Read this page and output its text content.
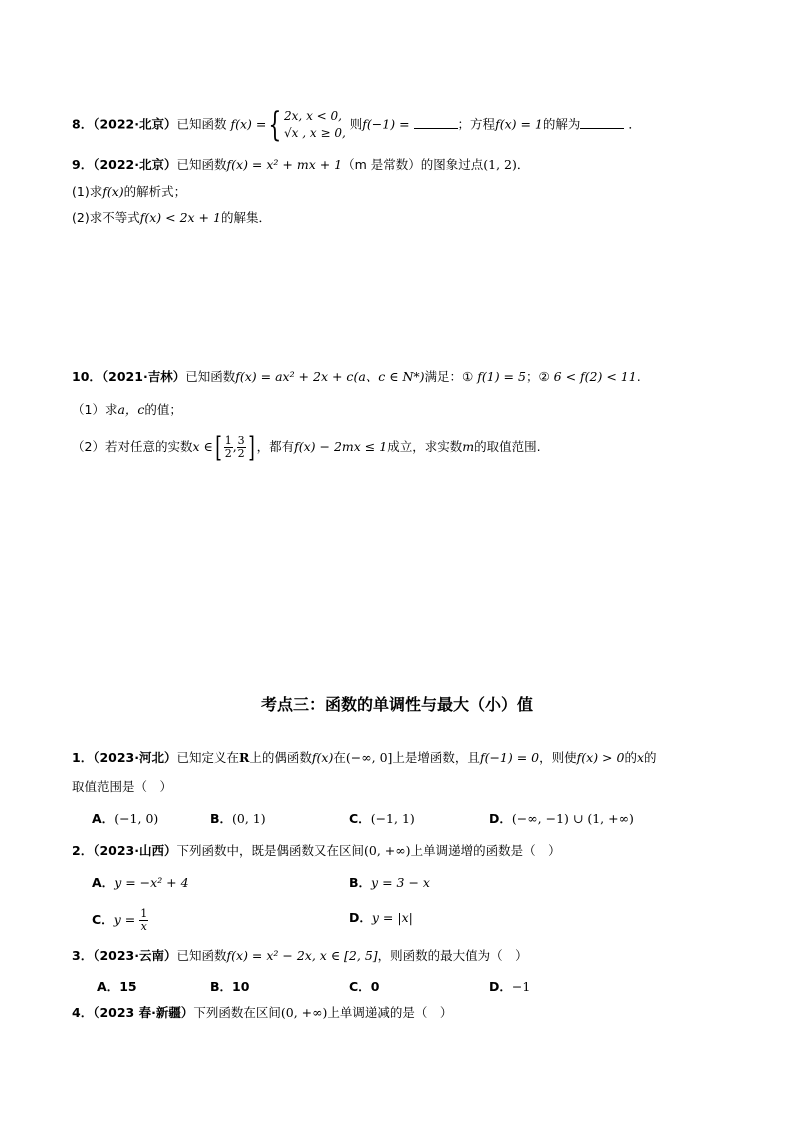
8．（2022·北京）已知函数 f(x) ={ 2x, x < 0,
√x , x ≥ 0,
则f(−1) =	；方程f(x) = 1的解为	．
9．（2022·北京）已知函数f(x) = x² + mx + 1（m 是常数）的图象过点(1, 2)．
(1)求f(x)的解析式；
(2)求不等式f(x) < 2x + 1的解集．
10．（2021·吉林）已知函数f(x) = ax² + 2x + c(a、c ∈ N*)满足：① f(1) = 5；② 6 < f(2) < 11.
（1）求a，c的值；
（2）若对任意的实数x ∈[ $\frac{1}{2}$ , $\frac{3}{2}$ ] ，都有f(x) − 2mx ≤ 1成立，求实数m的取值范围.
考点三：函数的单调性与最大（小）值
1．（2023·河北）已知定义在R上的偶函数f(x)在(−∞, 0]上是增函数，且f(−1) = 0，则使f(x) > 0的x的
取值范围是（　）
A．(−1, 0)	B．(0, 1)	C．(−1, 1)	D．(−∞, −1) ∪ (1, +∞)
2．（2023·山西）下列函数中，既是偶函数又在区间(0, +∞)上单调递增的函数是（　）
A．y = −x² + 4	B．y = 3 − x
C．$y = \frac{1}{x}$	D．y = |x|
3．（2023·云南）已知函数f(x) = x² − 2x, x ∈ [2, 5]，则函数的最大值为（　）
A．15	B．10	C．0	D．−1
4．（2023 春·新疆）下列函数在区间(0, +∞)上单调递减的是（　）
